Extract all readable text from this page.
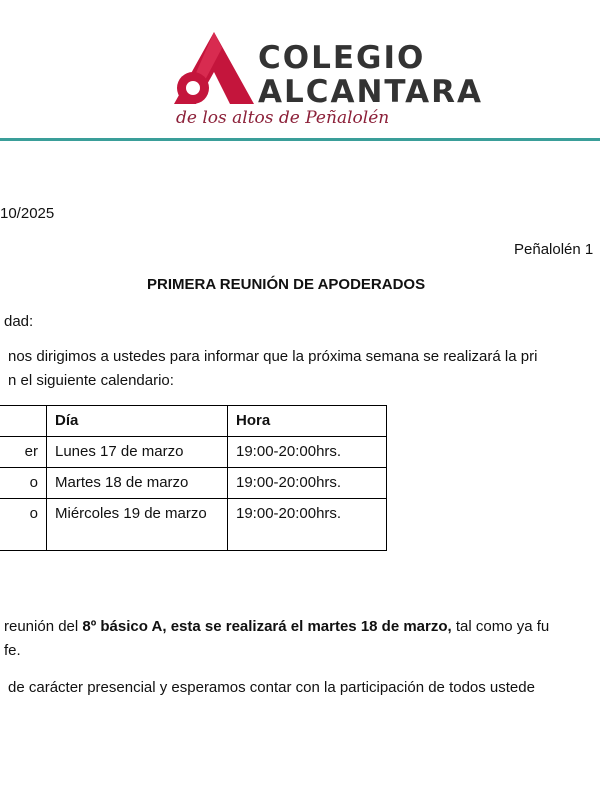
COLEGIO
ALCANTARA
de los altos de Peñalolén
10/2025
Peñalolén 1
PRIMERA REUNIÓN DE APODERADOS
dad:
nos dirigimos a ustedes para informar que la próxima semana se realizará la pri
n el siguiente calendario:
	Día	Hora
er	Lunes 17 de marzo	19:00-20:00hrs.
o	Martes 18 de marzo	19:00-20:00hrs.
o	Miércoles 19 de marzo	19:00-20:00hrs.
reunión del 8º básico A, esta se realizará el martes 18 de marzo, tal como ya fu
fe.
de carácter presencial y esperamos contar con la participación de todos ustede
